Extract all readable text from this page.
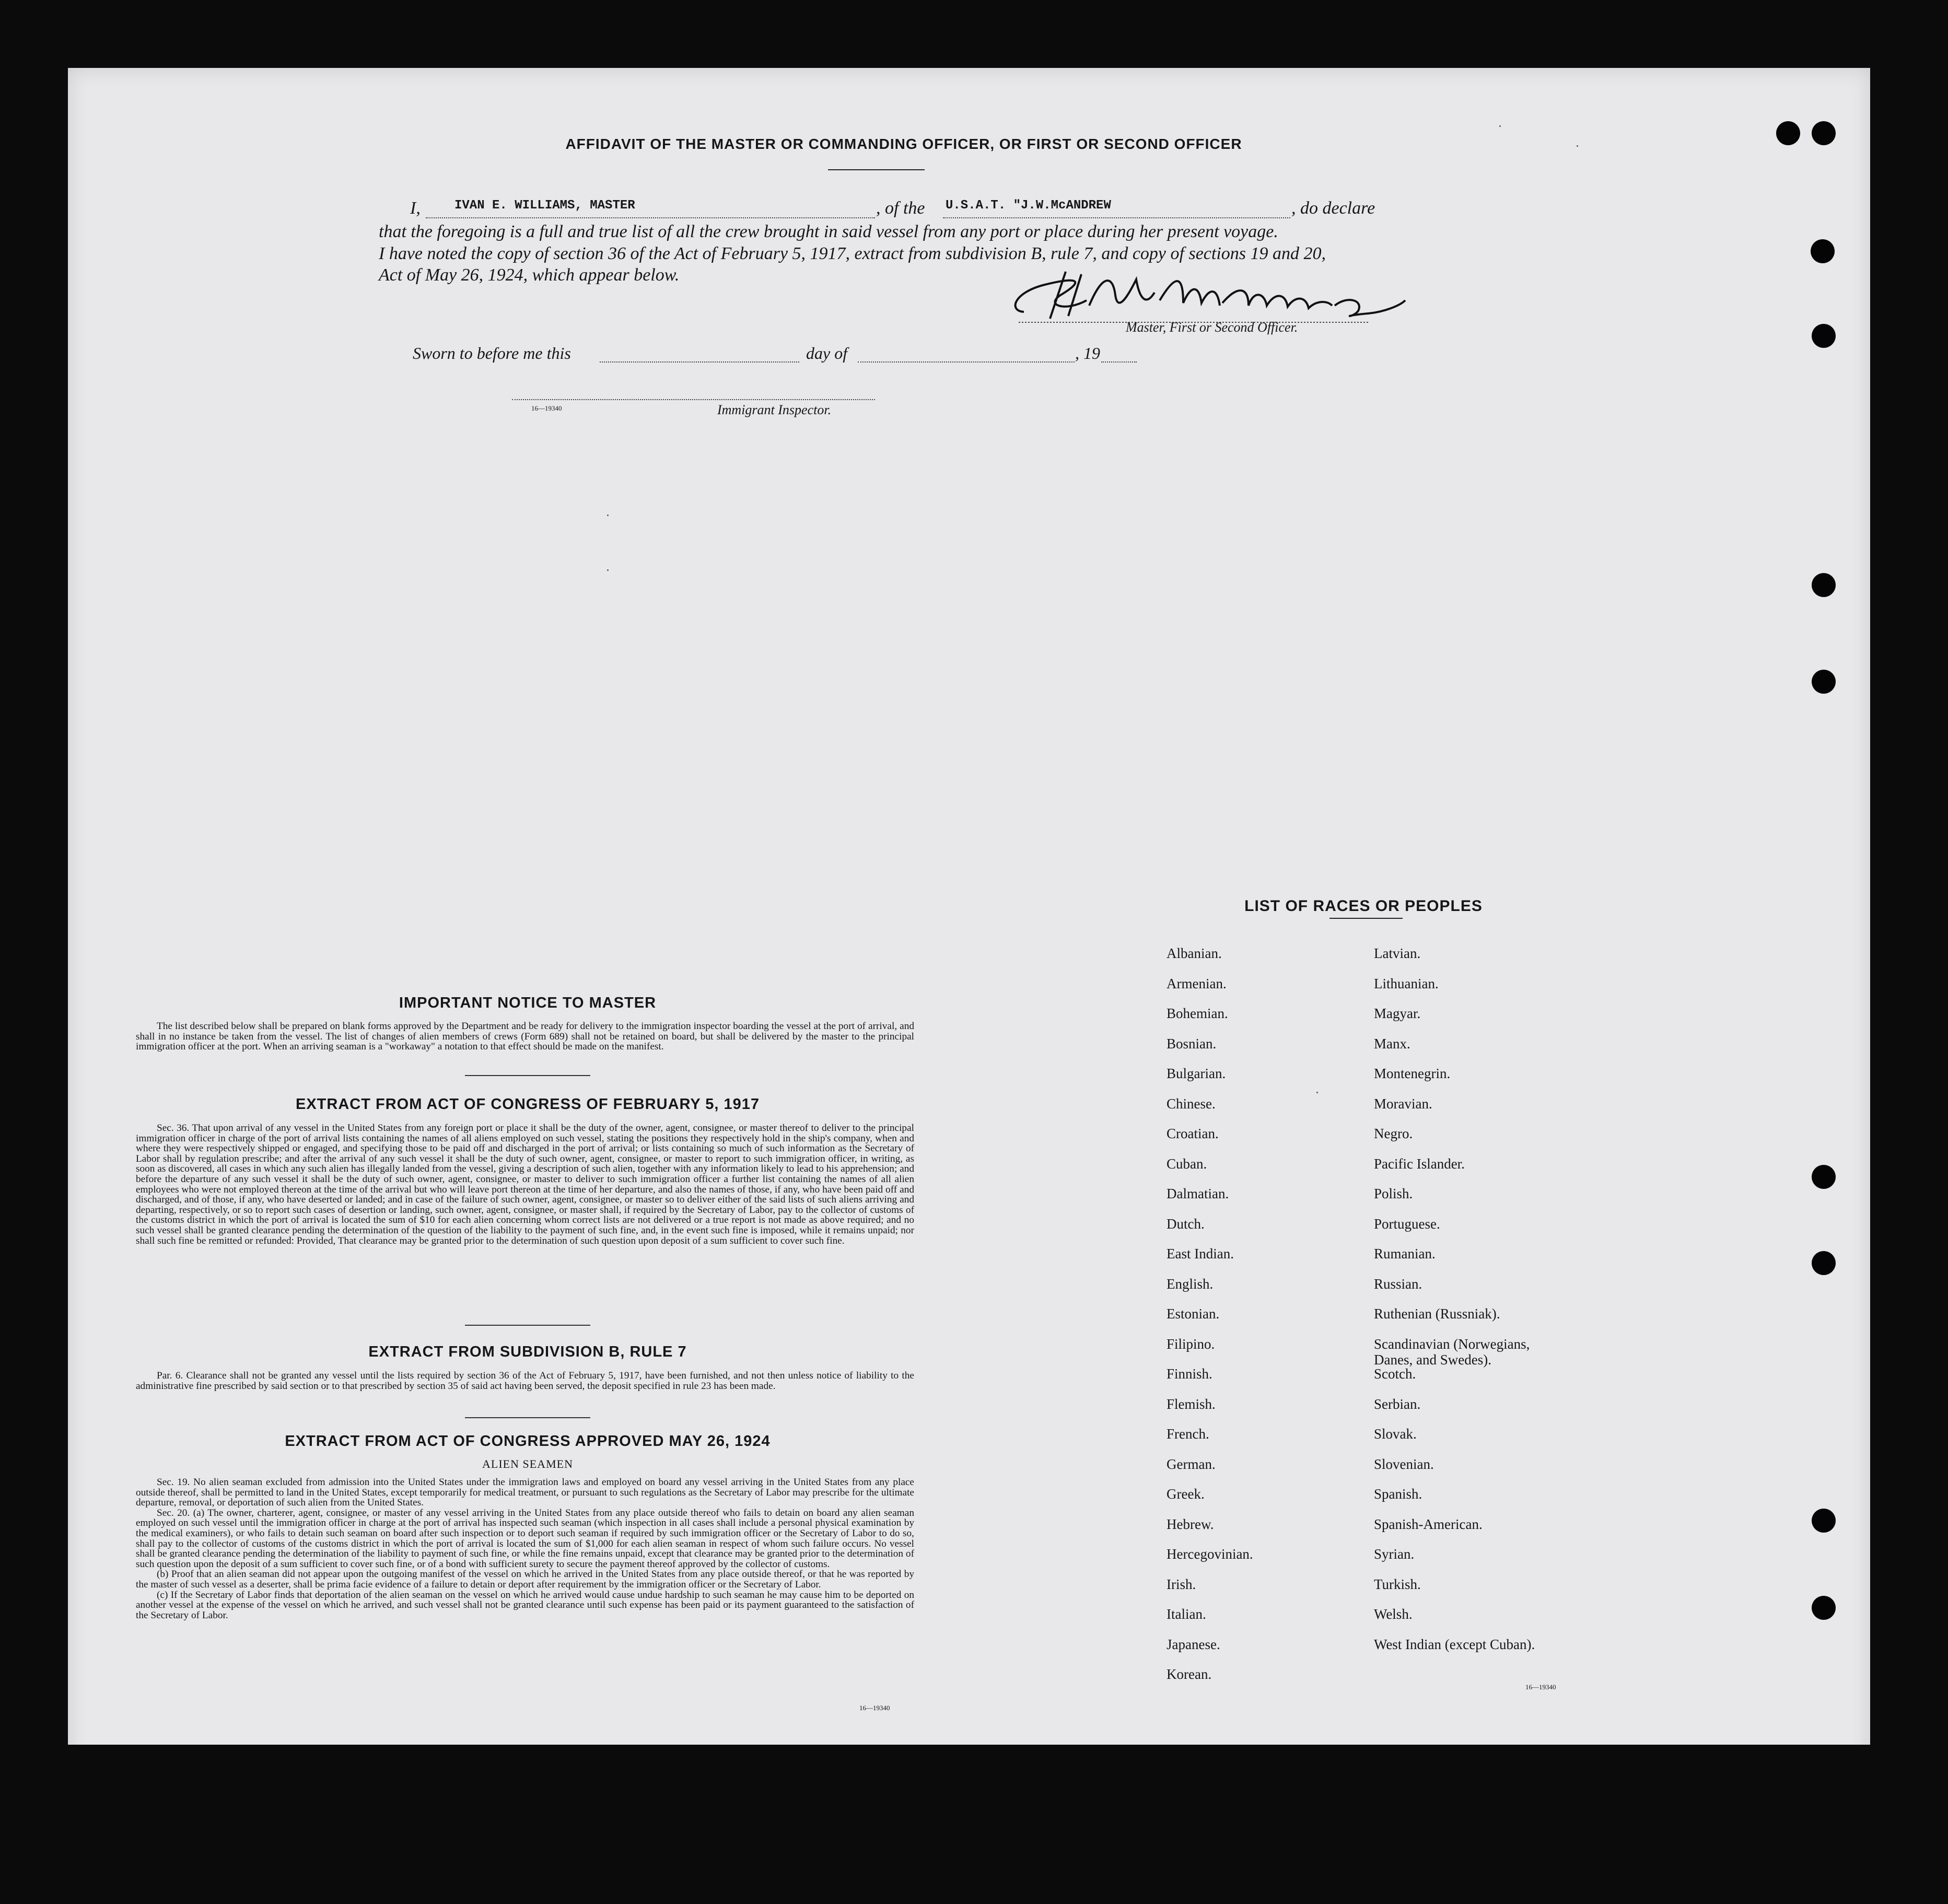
AFFIDAVIT OF THE MASTER OR COMMANDING OFFICER, OR FIRST OR SECOND OFFICER
I,	IVAN E. WILLIAMS, MASTER	, of the U.S.A.T. "J.W.McANDREW	, do declare
that the foregoing is a full and true list of all the crew brought in said vessel from any port or place during her present voyage.
I have noted the copy of section 36 of the Act of February 5, 1917, extract from subdivision B, rule 7, and copy of sections 19 and 20,
Act of May 26, 1924, which appear below.
Master, First or Second Officer.
Sworn to before me this	day of	, 19
16—19340	Immigrant Inspector.
IMPORTANT NOTICE TO MASTER

The list described below shall be prepared on blank forms approved by the Department and be ready for delivery to the immigration inspector boarding the vessel at the port of arrival, and shall in no instance be taken from the vessel. The list of changes of alien members of crews (Form 689) shall not be retained on board, but shall be delivered by the master to the principal immigration officer at the port. When an arriving seaman is a "workaway" a notation to that effect should be made on the manifest.

EXTRACT FROM ACT OF CONGRESS OF FEBRUARY 5, 1917

Sec. 36. That upon arrival of any vessel in the United States from any foreign port or place it shall be the duty of the owner, agent, consignee, or master thereof to deliver to the principal immigration officer in charge of the port of arrival lists containing the names of all aliens employed on such vessel, stating the positions they respectively hold in the ship's company, when and where they were respectively shipped or engaged, and specifying those to be paid off and discharged in the port of arrival; or lists containing so much of such information as the Secretary of Labor shall by regulation prescribe; and after the arrival of any such vessel it shall be the duty of such owner, agent, consignee, or master to report to such immigration officer, in writing, as soon as discovered, all cases in which any such alien has illegally landed from the vessel, giving a description of such alien, together with any information likely to lead to his apprehension; and before the departure of any such vessel it shall be the duty of such owner, agent, consignee, or master to deliver to such immigration officer a further list containing the names of all alien employees who were not employed thereon at the time of the arrival but who will leave port thereon at the time of her departure, and also the names of those, if any, who have been paid off and discharged, and of those, if any, who have deserted or landed; and in case of the failure of such owner, agent, consignee, or master so to deliver either of the said lists of such aliens arriving and departing, respectively, or so to report such cases of desertion or landing, such owner, agent, consignee, or master shall, if required by the Secretary of Labor, pay to the collector of customs of the customs district in which the port of arrival is located the sum of $10 for each alien concerning whom correct lists are not delivered or a true report is not made as above required; and no such vessel shall be granted clearance pending the determination of the question of the liability to the payment of such fine, and, in the event such fine is imposed, while it remains unpaid; nor shall such fine be remitted or refunded: Provided, That clearance may be granted prior to the determination of such question upon deposit of a sum sufficient to cover such fine.

EXTRACT FROM SUBDIVISION B, RULE 7

Par. 6. Clearance shall not be granted any vessel until the lists required by section 36 of the Act of February 5, 1917, have been furnished, and not then unless notice of liability to the administrative fine prescribed by said section or to that prescribed by section 35 of said act having been served, the deposit specified in rule 23 has been made.

EXTRACT FROM ACT OF CONGRESS APPROVED MAY 26, 1924
ALIEN SEAMEN

Sec. 19. No alien seaman excluded from admission into the United States under the immigration laws and employed on board any vessel arriving in the United States from any place outside thereof, shall be permitted to land in the United States, except temporarily for medical treatment, or pursuant to such regulations as the Secretary of Labor may prescribe for the ultimate departure, removal, or deportation of such alien from the United States.

Sec. 20. (a) The owner, charterer, agent, consignee, or master of any vessel arriving in the United States from any place outside thereof who fails to detain on board any alien seaman employed on such vessel until the immigration officer in charge at the port of arrival has inspected such seaman (which inspection in all cases shall include a personal physical examination by the medical examiners), or who fails to detain such seaman on board after such inspection or to deport such seaman if required by such immigration officer or the Secretary of Labor to do so, shall pay to the collector of customs of the customs district in which the port of arrival is located the sum of $1,000 for each alien seaman in respect of whom such failure occurs. No vessel shall be granted clearance pending the determination of the liability to payment of such fine, or while the fine remains unpaid, except that clearance may be granted prior to the determination of such question upon the deposit of a sum sufficient to cover such fine, or of a bond with sufficient surety to secure the payment thereof approved by the collector of customs.

(b) Proof that an alien seaman did not appear upon the outgoing manifest of the vessel on which he arrived in the United States from any place outside thereof, or that he was reported by the master of such vessel as a deserter, shall be prima facie evidence of a failure to detain or deport after requirement by the immigration officer or the Secretary of Labor.

(c) If the Secretary of Labor finds that deportation of the alien seaman on the vessel on which he arrived would cause undue hardship to such seaman he may cause him to be deported on another vessel at the expense of the vessel on which he arrived, and such vessel shall not be granted clearance until such expense has been paid or its payment guaranteed to the satisfaction of the Secretary of Labor.

16—19340
LIST OF RACES OR PEOPLES
Albanian.
Armenian.
Bohemian.
Bosnian.
Bulgarian.
Chinese.
Croatian.
Cuban.
Dalmatian.
Dutch.
East Indian.
English.
Estonian.
Filipino.
Finnish.
Flemish.
French.
German.
Greek.
Hebrew.
Hercegovinian.
Irish.
Italian.
Japanese.
Korean.
Latvian.
Lithuanian.
Magyar.
Manx.
Montenegrin.
Moravian.
Negro.
Pacific Islander.
Polish.
Portuguese.
Rumanian.
Russian.
Ruthenian (Russniak).
Scandinavian (Norwegians,
Danes, and Swedes).
Scotch.
Serbian.
Slovak.
Slovenian.
Spanish.
Spanish-American.
Syrian.
Turkish.
Welsh.
West Indian (except Cuban).
16—19340
